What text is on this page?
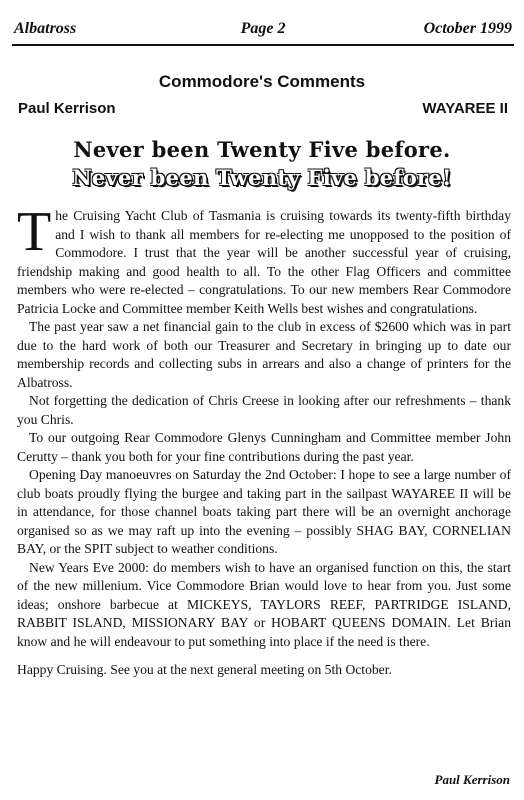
Albatross	Page 2	October 1999
Commodore's Comments
Paul Kerrison	WAYAREE II
Never been Twenty Five before.
Never been Twenty Five before!

The Cruising Yacht Club of Tasmania is cruising towards its twenty-fifth birthday and I wish to thank all members for re-electing me unopposed to the position of Commodore. I trust that the year will be another successful year of cruising, friendship making and good health to all. To the other Flag Officers and committee members who were re-elected – congratulations. To our new members Rear Commodore Patricia Locke and Committee member Keith Wells best wishes and congratulations.

The past year saw a net financial gain to the club in excess of $2600 which was in part due to the hard work of both our Treasurer and Secretary in bringing up to date our membership records and collecting subs in arrears and also a change of printers for the Albatross.

Not forgetting the dedication of Chris Creese in looking after our refreshments – thank you Chris.

To our outgoing Rear Commodore Glenys Cunningham and Committee member John Cerutty – thank you both for your fine contributions during the past year.

Opening Day manoeuvres on Saturday the 2nd October: I hope to see a large number of club boats proudly flying the burgee and taking part in the sailpast WAYAREE II will be in attendance, for those channel boats taking part there will be an overnight anchorage organised so as we may raft up into the evening – possibly SHAG BAY, CORNELIAN BAY, or the SPIT subject to weather conditions.

New Years Eve 2000: do members wish to have an organised function on this, the start of the new millenium. Vice Commodore Brian would love to hear from you. Just some ideas; onshore barbecue at MICKEYS, TAYLORS REEF, PARTRIDGE ISLAND, RABBIT ISLAND, MISSIONARY BAY or HOBART QUEENS DOMAIN. Let Brian know and he will endeavour to put something into place if the need is there.

Happy Cruising. See you at the next general meeting on 5th October.

Paul Kerrison
